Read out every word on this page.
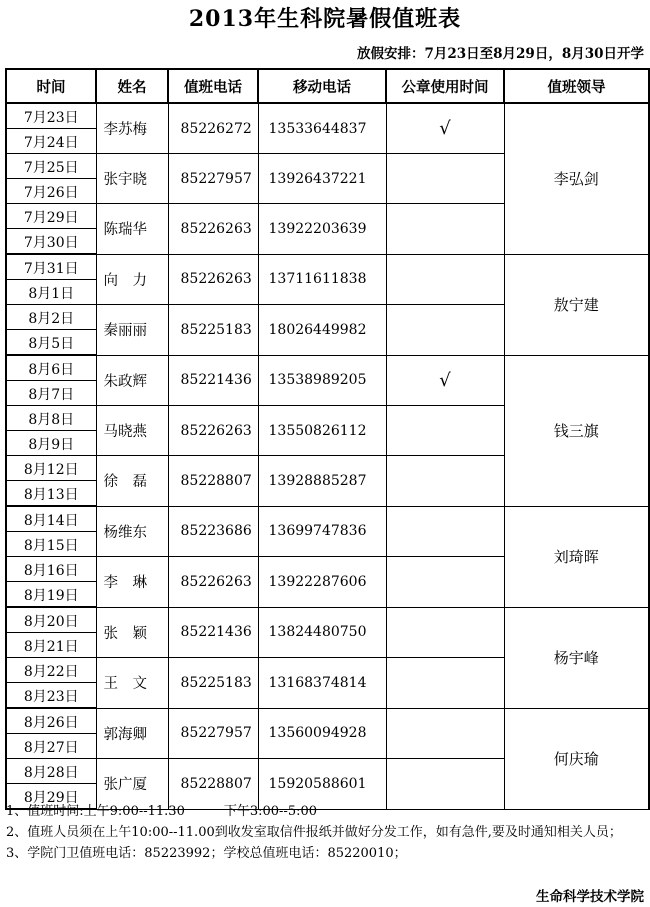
2013年生科院暑假值班表
放假安排：7月23日至8月29日，8月30日开学
时间	姓名	值班电话	移动电话	公章使用时间	值班领导

7月23日	李苏梅	85226272	13533644837	√	李弘剑

7月24日					

7月25日	张宇晓	85227957	13926437221		

7月26日					

7月29日	陈瑞华	85226263	13922203639		

7月30日					

7月31日	向　力	85226263	13711611838		敖宁建

8月1日					

8月2日	秦丽丽	85225183	18026449982		

8月5日					

8月6日	朱政辉	85221436	13538989205	√	钱三旗

8月7日					

8月8日	马晓燕	85226263	13550826112		

8月9日					

8月12日	徐　磊	85228807	13928885287		

8月13日					

8月14日	杨维东	85223686	13699747836		刘琦晖

8月15日					

8月16日	李　琳	85226263	13922287606		

8月19日					

8月20日	张　颖	85221436	13824480750		杨宇峰

8月21日					

8月22日	王　文	85225183	13168374814		

8月23日					

8月26日	郭海卿	85227957	13560094928		何庆瑜

8月27日					

8月28日	张广厦	85228807	15920588601		

8月29日					
1、值班时间:上午9:00--11.30　　　下午3:00--5:00
2、值班人员须在上午10:00--11.00到收发室取信件报纸并做好分发工作，如有急件,要及时通知相关人员；
3、学院门卫值班电话：85223992；学校总值班电话：85220010；
生命科学技术学院
